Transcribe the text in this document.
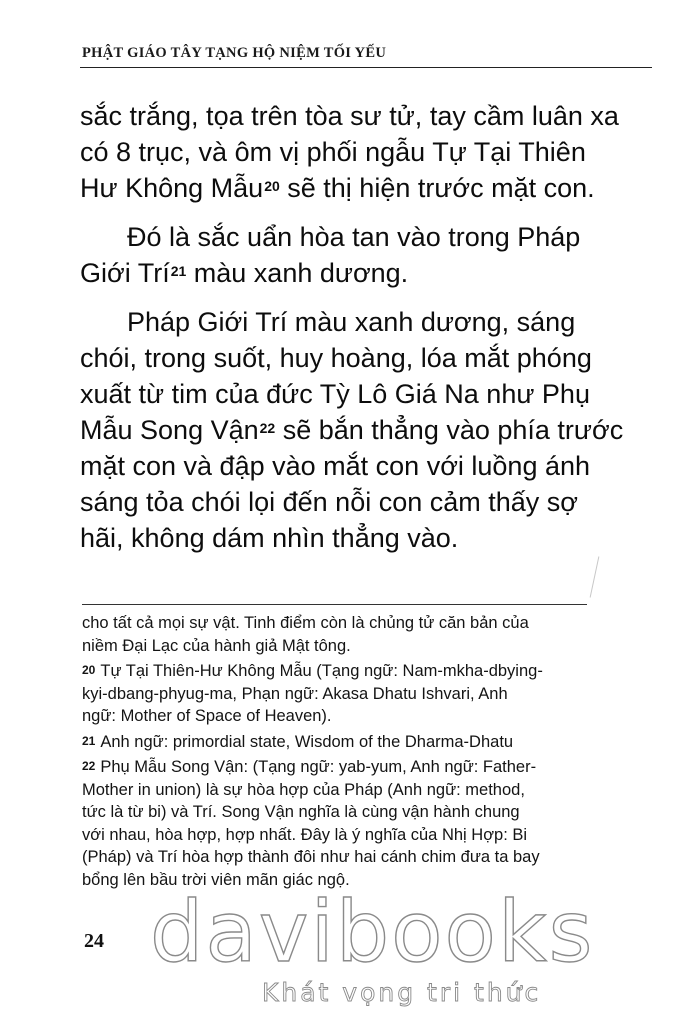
PHẬT GIÁO TÂY TẠNG HỘ NIỆM TỐI YẾU

sắc trắng, tọa trên tòa sư tử, tay cầm luân xa
có 8 trục, và ôm vị phối ngẫu Tự Tại Thiên
Hư Không Mẫu$^{20}$ sẽ thị hiện trước mặt con.

Đó là sắc uẩn hòa tan vào trong Pháp
Giới Trí$^{21}$ màu xanh dương.

Pháp Giới Trí màu xanh dương, sáng
chói, trong suốt, huy hoàng, lóa mắt phóng
xuất từ tim của đức Tỳ Lô Giá Na như Phụ
Mẫu Song Vận$^{22}$ sẽ bắn thẳng vào phía trước
mặt con và đập vào mắt con với luồng ánh
sáng tỏa chói lọi đến nỗi con cảm thấy sợ
hãi, không dám nhìn thẳng vào.

cho tất cả mọi sự vật. Tinh điểm còn là chủng tử căn bản của
niềm Đại Lạc của hành giả Mật tông.
$^{20}$ Tự Tại Thiên-Hư Không Mẫu (Tạng ngữ: Nam-mkha-dbying-
kyi-dbang-phyug-ma, Phạn ngữ: Akasa Dhatu Ishvari, Anh
ngữ: Mother of Space of Heaven).
$^{21}$ Anh ngữ: primordial state, Wisdom of the Dharma-Dhatu
$^{22}$ Phụ Mẫu Song Vận: (Tạng ngữ: yab-yum, Anh ngữ: Father-
Mother in union) là sự hòa hợp của Pháp (Anh ngữ: method,
tức là từ bi) và Trí. Song Vận nghĩa là cùng vận hành chung
với nhau, hòa hợp, hợp nhất. Đây là ý nghĩa của Nhị Hợp: Bi
(Pháp) và Trí hòa hợp thành đôi như hai cánh chim đưa ta bay
bổng lên bầu trời viên mãn giác ngộ.
24 davibooks
Khát vọng tri thức
